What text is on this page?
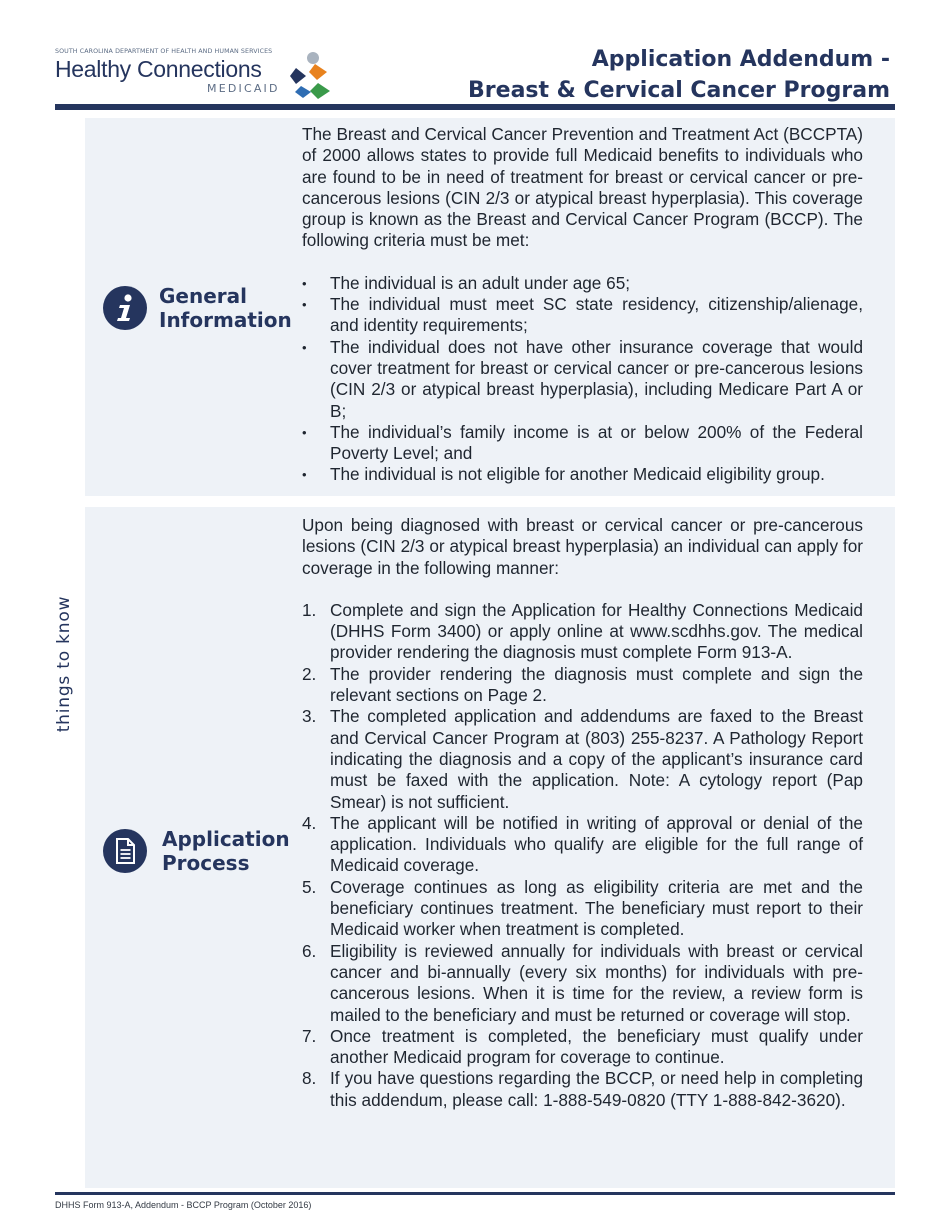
SOUTH CAROLINA DEPARTMENT OF HEALTH AND HUMAN SERVICES
Healthy Connections
MEDICAID
Application Addendum -
Breast & Cervical Cancer Program
things to know
General Information

The Breast and Cervical Cancer Prevention and Treatment Act (BCCPTA) of 2000 allows states to provide full Medicaid benefits to individuals who are found to be in need of treatment for breast or cervical cancer or pre-cancerous lesions (CIN 2/3 or atypical breast hyperplasia). This coverage group is known as the Breast and Cervical Cancer Program (BCCP). The following criteria must be met:

• The individual is an adult under age 65;
• The individual must meet SC state residency, citizenship/alienage, and identity requirements;
• The individual does not have other insurance coverage that would cover treatment for breast or cervical cancer or pre-cancerous lesions (CIN 2/3 or atypical breast hyperplasia), including Medicare Part A or B;
• The individual’s family income is at or below 200% of the Federal Poverty Level; and
• The individual is not eligible for another Medicaid eligibility group.
Application Process

Upon being diagnosed with breast or cervical cancer or pre-cancerous lesions (CIN 2/3 or atypical breast hyperplasia) an individual can apply for coverage in the following manner:

1. Complete and sign the Application for Healthy Connections Medicaid (DHHS Form 3400) or apply online at www.scdhhs.gov. The medical provider rendering the diagnosis must complete Form 913-A.
2. The provider rendering the diagnosis must complete and sign the relevant sections on Page 2.
3. The completed application and addendums are faxed to the Breast and Cervical Cancer Program at (803) 255-8237. A Pathology Report indicating the diagnosis and a copy of the applicant’s insurance card must be faxed with the application. Note: A cytology report (Pap Smear) is not sufficient.
4. The applicant will be notified in writing of approval or denial of the application. Individuals who qualify are eligible for the full range of Medicaid coverage.
5. Coverage continues as long as eligibility criteria are met and the beneficiary continues treatment. The beneficiary must report to their Medicaid worker when treatment is completed.
6. Eligibility is reviewed annually for individuals with breast or cervical cancer and bi-annually (every six months) for individuals with pre-cancerous lesions. When it is time for the review, a review form is mailed to the beneficiary and must be returned or coverage will stop.
7. Once treatment is completed, the beneficiary must qualify under another Medicaid program for coverage to continue.
8. If you have questions regarding the BCCP, or need help in completing this addendum, please call: 1-888-549-0820 (TTY 1-888-842-3620).
DHHS Form 913-A, Addendum - BCCP Program (October 2016)
